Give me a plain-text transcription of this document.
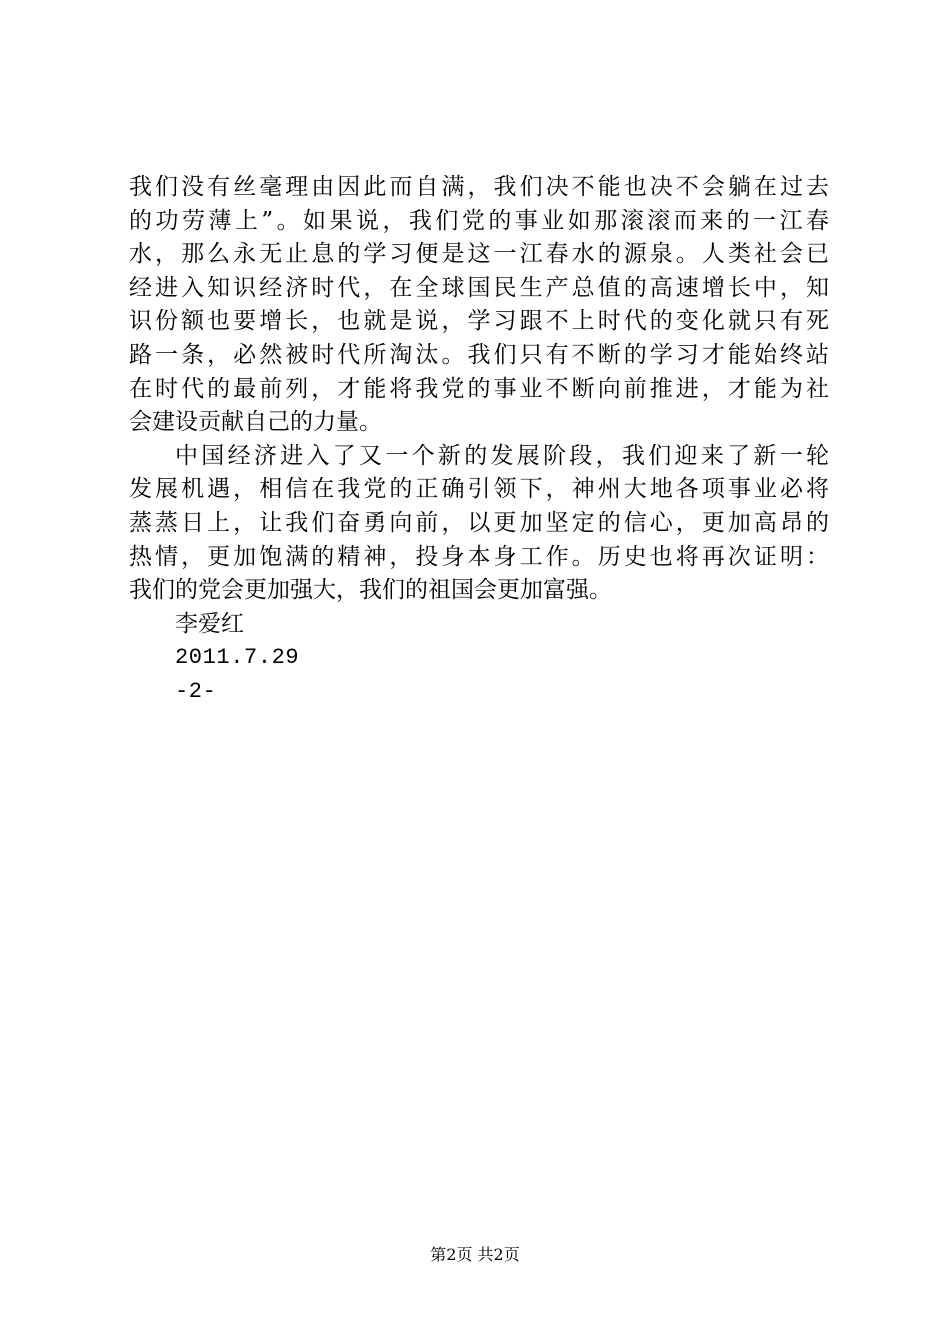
我们没有丝毫理由因此而自满，我们决不能也决不会躺在过去
的功劳薄上”。如果说，我们党的事业如那滚滚而来的一江春
水，那么永无止息的学习便是这一江春水的源泉。人类社会已
经进入知识经济时代，在全球国民生产总值的高速增长中，知
识份额也要增长，也就是说，学习跟不上时代的变化就只有死
路一条，必然被时代所淘汰。我们只有不断的学习才能始终站
在时代的最前列，才能将我党的事业不断向前推进，才能为社
会建设贡献自己的力量。
中国经济进入了又一个新的发展阶段，我们迎来了新一轮
发展机遇，相信在我党的正确引领下，神州大地各项事业必将
蒸蒸日上，让我们奋勇向前，以更加坚定的信心，更加高昂的
热情，更加饱满的精神，投身本身工作。历史也将再次证明：
我们的党会更加强大，我们的祖国会更加富强。
李爱红
2011.7.29
-2-
第2页 共2页
